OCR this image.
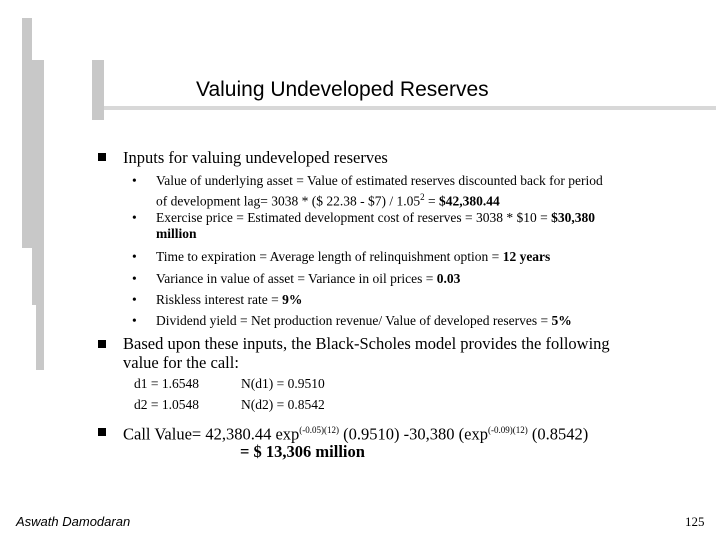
Valuing Undeveloped Reserves
Inputs for valuing undeveloped reserves
• Value of underlying asset = Value of estimated reserves discounted back for period
of development lag= 3038 * ($ 22.38 - $7) / $1.05^2$ = $42,380.44
• Exercise price = Estimated development cost of reserves = 3038 * $10 = $30,380
million
• Time to expiration = Average length of relinquishment option = 12 years
• Variance in value of asset = Variance in oil prices = 0.03
• Riskless interest rate = 9%
• Dividend yield = Net production revenue/ Value of developed reserves = 5%
Based upon these inputs, the Black-Scholes model provides the following
value for the call:
d1 = 1.6548	N(d1) = 0.9510
d2 = 1.0548	N(d2) = 0.8542
Call Value= 42,380.44 $\exp^{(-0.05)(12)} (0.9510)$ -30,380 ($\exp^{(-0.09)(12)}$ (0.8542)
= $ 13,306 million
Aswath Damodaran	125
